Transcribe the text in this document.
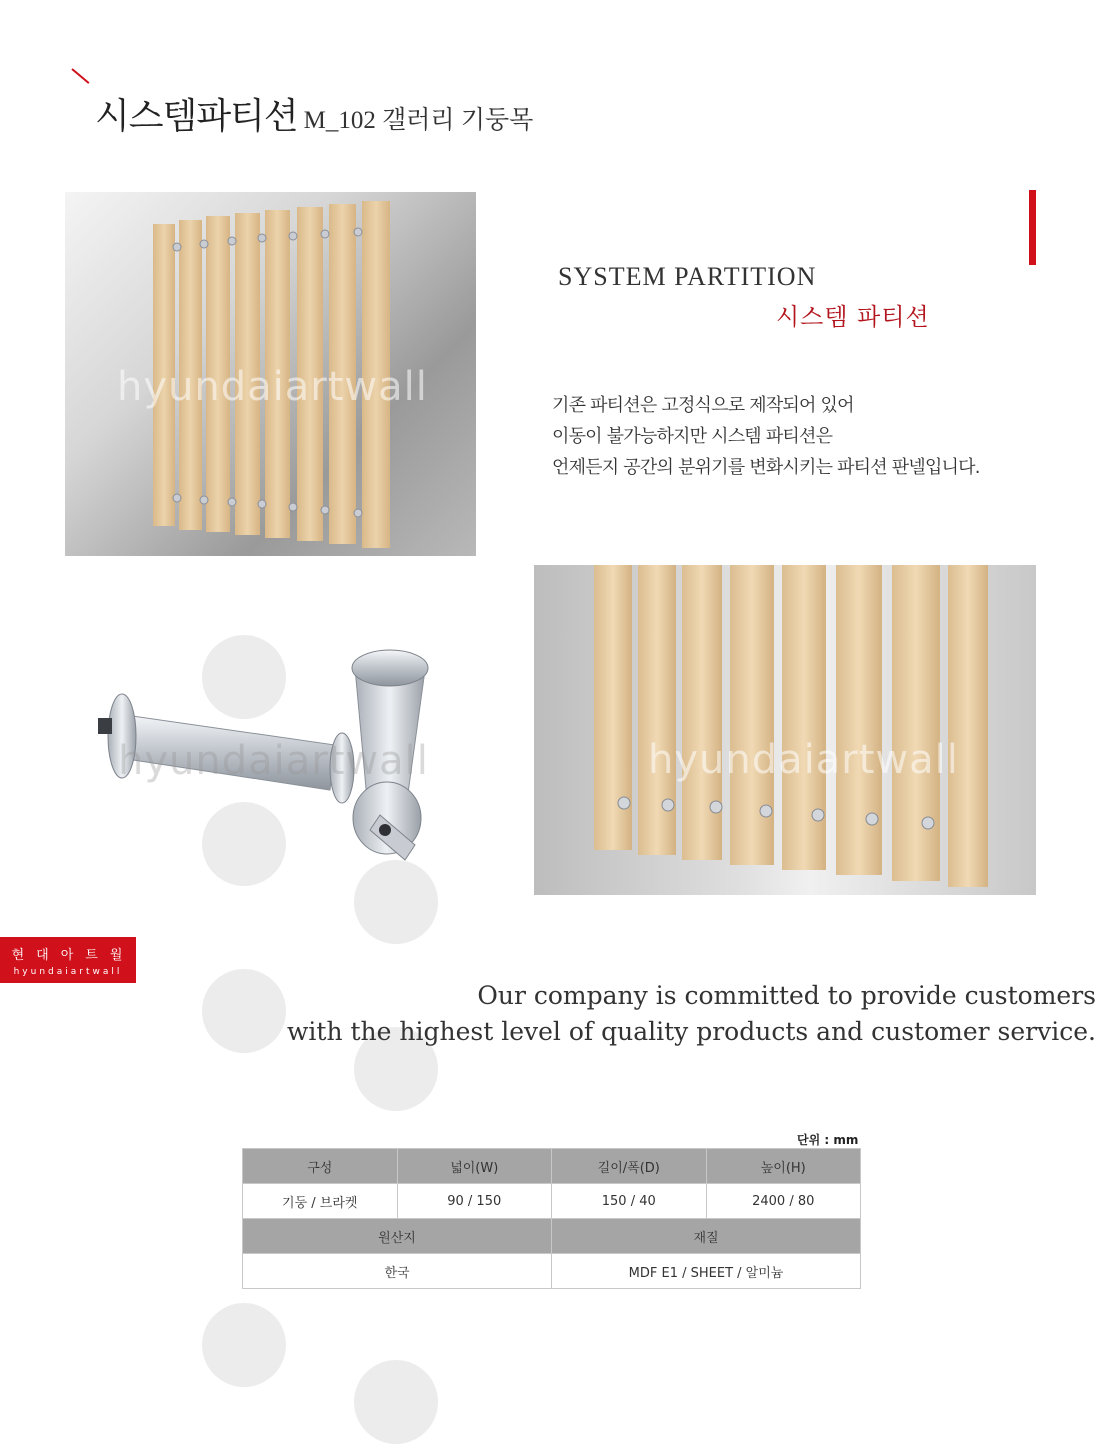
시스템파티션 M_102 갤러리 기둥목
hyundaiartwall
SYSTEM PARTITION
시스템 파티션
기존 파티션은 고정식으로 제작되어 있어
이동이 불가능하지만 시스템 파티션은
언제든지 공간의 분위기를 변화시키는 파티션 판넬입니다.
hyundaiartwall	hyundaiartwall
현대아트월
hyundaiartwall
Our company is committed to provide customers
with the highest level of quality products and customer service.
단위 : mm
구성	넓이(W)	길이/폭(D)	높이(H)
기둥 / 브라켓	90 / 150	150 / 40	2400 / 80
원산지		재질	
한국		MDF E1 / SHEET / 알미늄	
